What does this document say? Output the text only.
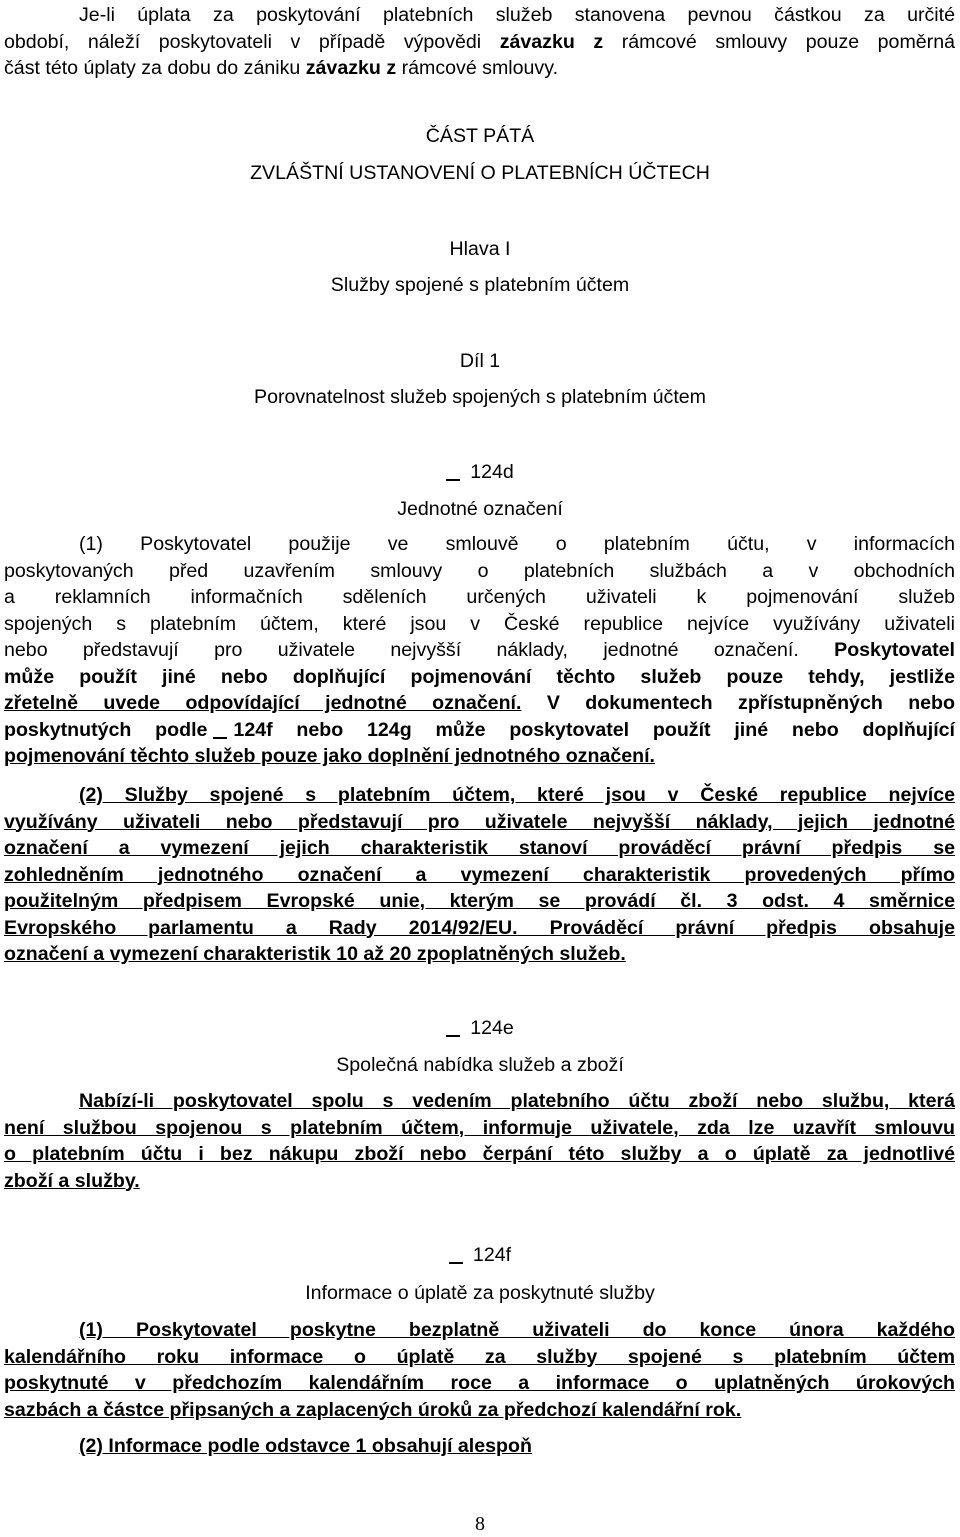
Je-li úplata za poskytování platebních služeb stanovena pevnou částkou za určité
období, náleží poskytovateli v případě výpovědi závazku z rámcové smlouvy pouze poměrná
část této úplaty za dobu do zániku závazku z rámcové smlouvy.
ČÁST PÁTÁ
ZVLÁŠTNÍ USTANOVENÍ O PLATEBNÍCH ÚČTECH
Hlava I
Služby spojené s platebním účtem
Díl 1
Porovnatelnost služeb spojených s platebním účtem
124d
Jednotné označení
(1) Poskytovatel použije ve smlouvě o platebním účtu, v informacích
poskytovaných před uzavřením smlouvy o platebních službách a v obchodních
a reklamních informačních sděleních určených uživateli k pojmenování služeb
spojených s platebním účtem, které jsou v České republice nejvíce využívány uživateli
nebo představují pro uživatele nejvyšší náklady, jednotné označení. Poskytovatel
může použít jiné nebo doplňující pojmenování těchto služeb pouze tehdy, jestliže
zřetelně uvede odpovídající jednotné označení. V dokumentech zpřístupněných nebo
poskytnutých podle 124f nebo 124g může poskytovatel použít jiné nebo doplňující
pojmenování těchto služeb pouze jako doplnění jednotného označení.
(2) Služby spojené s platebním účtem, které jsou v České republice nejvíce
využívány uživateli nebo představují pro uživatele nejvyšší náklady, jejich jednotné
označení a vymezení jejich charakteristik stanoví prováděcí právní předpis se
zohledněním jednotného označení a vymezení charakteristik provedených přímo
použitelným předpisem Evropské unie, kterým se provádí čl. 3 odst. 4 směrnice
Evropského parlamentu a Rady 2014/92/EU. Prováděcí právní předpis obsahuje
označení a vymezení charakteristik 10 až 20 zpoplatněných služeb.
124e
Společná nabídka služeb a zboží
Nabízí-li poskytovatel spolu s vedením platebního účtu zboží nebo službu, která
není službou spojenou s platebním účtem, informuje uživatele, zda lze uzavřít smlouvu
o platebním účtu i bez nákupu zboží nebo čerpání této služby a o úplatě za jednotlivé
zboží a služby.
124f
Informace o úplatě za poskytnuté služby
(1) Poskytovatel poskytne bezplatně uživateli do konce února každého
kalendářního roku informace o úplatě za služby spojené s platebním účtem
poskytnuté v předchozím kalendářním roce a informace o uplatněných úrokových
sazbách a částce připsaných a zaplacených úroků za předchozí kalendářní rok.
(2) Informace podle odstavce 1 obsahují alespoň
8
